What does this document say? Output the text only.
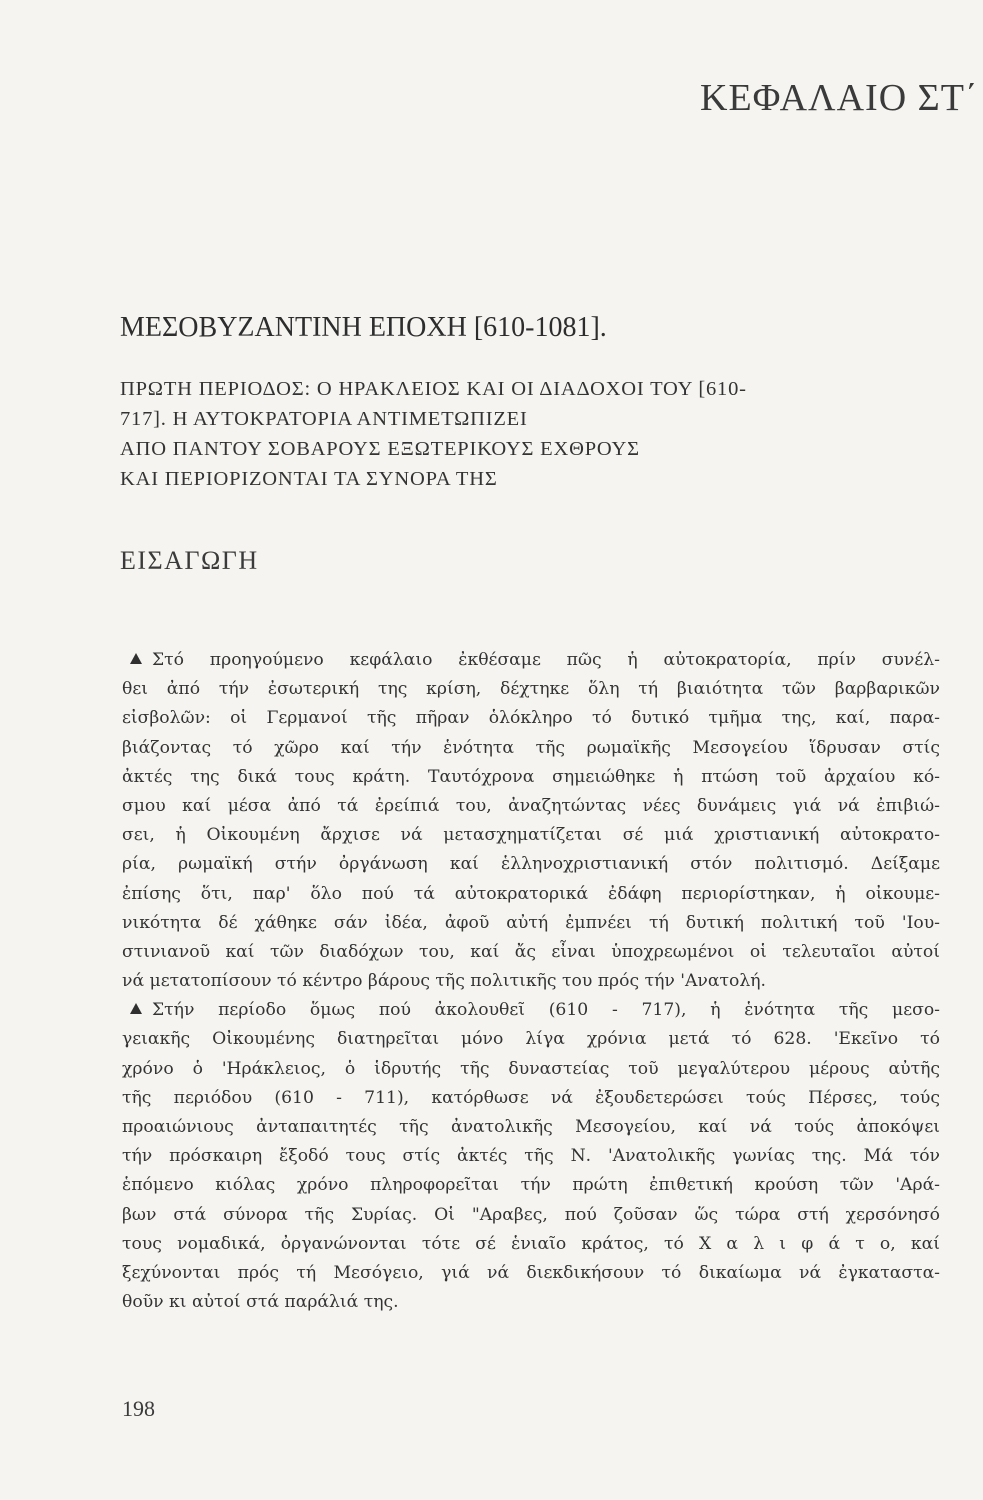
ΚΕΦΑΛΑΙΟ ΣΤ΄
ΜΕΣΟΒΥΖΑΝΤΙΝΗ ΕΠΟΧΗ [610-1081].
ΠΡΩΤΗ ΠΕΡΙΟΔΟΣ: Ο ΗΡΑΚΛΕΙΟΣ ΚΑΙ ΟΙ ΔΙΑΔΟΧΟΙ ΤΟΥ [610-
717]. Η ΑΥΤΟΚΡΑΤΟΡΙΑ ΑΝΤΙΜΕΤΩΠΙΖΕΙ
ΑΠΟ ΠΑΝΤΟΥ ΣΟΒΑΡΟΥΣ ΕΞΩΤΕΡΙΚΟΥΣ ΕΧΘΡΟΥΣ
ΚΑΙ ΠΕΡΙΟΡΙΖΟΝΤΑΙ ΤΑ ΣΥΝΟΡΑ ΤΗΣ
ΕΙΣΑΓΩΓΗ
Στό προηγούμενο κεφάλαιο ἐκθέσαμε πῶς ἡ αὐτοκρατορία, πρίν συνέλ-
θει ἀπό τήν ἐσωτερική της κρίση, δέχτηκε ὅλη τή βιαιότητα τῶν βαρβαρικῶν
εἰσβολῶν: οἱ Γερμανοί τῆς πῆραν ὁλόκληρο τό δυτικό τμῆμα της, καί, παρα-
βιάζοντας τό χῶρο καί τήν ἑνότητα τῆς ρωμαϊκῆς Μεσογείου ἵδρυσαν στίς
ἀκτές της δικά τους κράτη. Ταυτόχρονα σημειώθηκε ἡ πτώση τοῦ ἀρχαίου κό-
σμου καί μέσα ἀπό τά ἐρείπιά του, ἀναζητώντας νέες δυνάμεις γιά νά ἐπιβιώ-
σει, ἡ Οἰκουμένη ἄρχισε νά μετασχηματίζεται σέ μιά χριστιανική αὐτοκρατο-
ρία, ρωμαϊκή στήν ὀργάνωση καί ἑλληνοχριστιανική στόν πολιτισμό. Δείξαμε
ἐπίσης ὅτι, παρ' ὅλο πού τά αὐτοκρατορικά ἐδάφη περιορίστηκαν, ἡ οἰκουμε-
νικότητα δέ χάθηκε σάν ἰδέα, ἀφοῦ αὐτή ἐμπνέει τή δυτική πολιτική τοῦ 'Ιου-
στινιανοῦ καί τῶν διαδόχων του, καί ἄς εἶναι ὑποχρεωμένοι οἱ τελευταῖοι αὐτοί
νά μετατοπίσουν τό κέντρο βάρους τῆς πολιτικῆς του πρός τήν 'Ανατολή.
Στήν περίοδο ὅμως πού ἀκολουθεῖ (610 - 717), ἡ ἑνότητα τῆς μεσο-
γειακῆς Οἰκουμένης διατηρεῖται μόνο λίγα χρόνια μετά τό 628. 'Εκεῖνο τό
χρόνο ὁ 'Ηράκλειος, ὁ ἱδρυτής τῆς δυναστείας τοῦ μεγαλύτερου μέρους αὐτῆς
τῆς περιόδου (610 - 711), κατόρθωσε νά ἐξουδετερώσει τούς Πέρσες, τούς
προαιώνιους ἀνταπαιτητές τῆς ἀνατολικῆς Μεσογείου, καί νά τούς ἀποκόψει
τήν πρόσκαιρη ἔξοδό τους στίς ἀκτές τῆς Ν. 'Ανατολικῆς γωνίας της. Μά τόν
ἑπόμενο κιόλας χρόνο πληροφορεῖται τήν πρώτη ἐπιθετική κρούση τῶν 'Αρά-
βων στά σύνορα τῆς Συρίας. Οἱ "Αραβες, πού ζοῦσαν ὥς τώρα στή χερσόνησό
τους νομαδικά, ὀργανώνονται τότε σέ ἑνιαῖο κράτος, τό Χ α λ ι φ ά τ ο, καί
ξεχύνονται πρός τή Μεσόγειο, γιά νά διεκδικήσουν τό δικαίωμα νά ἐγκαταστα-
θοῦν κι αὐτοί στά παράλιά της.
198
